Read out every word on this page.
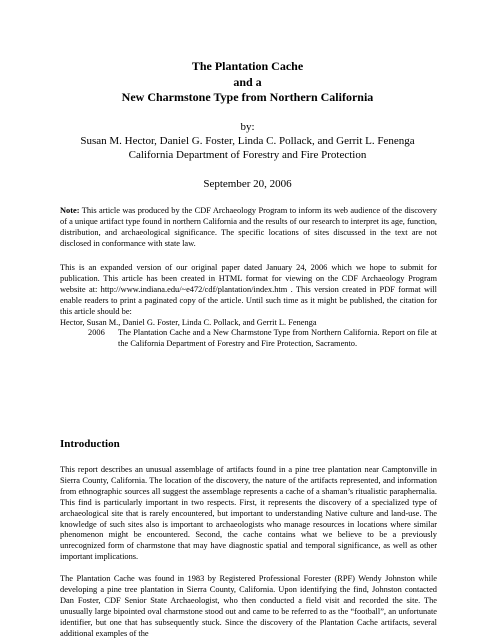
The Plantation Cache
and a
New Charmstone Type from Northern California
by:
Susan M. Hector, Daniel G. Foster, Linda C. Pollack, and Gerrit L. Fenenga
California Department of Forestry and Fire Protection
September 20, 2006

Note: This article was produced by the CDF Archaeology Program to inform its web audience of the discovery of a unique artifact type found in northern California and the results of our research to interpret its age, function, distribution, and archaeological significance. The specific locations of sites discussed in the text are not disclosed in conformance with state law.

This is an expanded version of our original paper dated January 24, 2006 which we hope to submit for publication. This article has been created in HTML format for viewing on the CDF Archaeology Program website at: http://www.indiana.edu/~e472/cdf/plantation/index.htm . This version created in PDF format will enable readers to print a paginated copy of the article. Until such time as it might be published, the citation for this article should be:

Hector, Susan M., Daniel G. Foster, Linda C. Pollack, and Gerrit L. Fenenga
2006	The Plantation Cache and a New Charmstone Type from Northern California. Report on file at the California Department of Forestry and Fire Protection, Sacramento.
Introduction

This report describes an unusual assemblage of artifacts found in a pine tree plantation near Camptonville in Sierra County, California. The location of the discovery, the nature of the artifacts represented, and information from ethnographic sources all suggest the assemblage represents a cache of a shaman’s ritualistic paraphernalia. This find is particularly important in two respects. First, it represents the discovery of a specialized type of archaeological site that is rarely encountered, but important to understanding Native culture and land-use. The knowledge of such sites also is important to archaeologists who manage resources in locations where similar phenomenon might be encountered. Second, the cache contains what we believe to be a previously unrecognized form of charmstone that may have diagnostic spatial and temporal significance, as well as other important implications.

The Plantation Cache was found in 1983 by Registered Professional Forester (RPF) Wendy Johnston while developing a pine tree plantation in Sierra County, California. Upon identifying the find, Johnston contacted Dan Foster, CDF Senior State Archaeologist, who then conducted a field visit and recorded the site. The unusually large bipointed oval charmstone stood out and came to be referred to as the “football”, an unfortunate identifier, but one that has subsequently stuck. Since the discovery of the Plantation Cache artifacts, several additional examples of the
